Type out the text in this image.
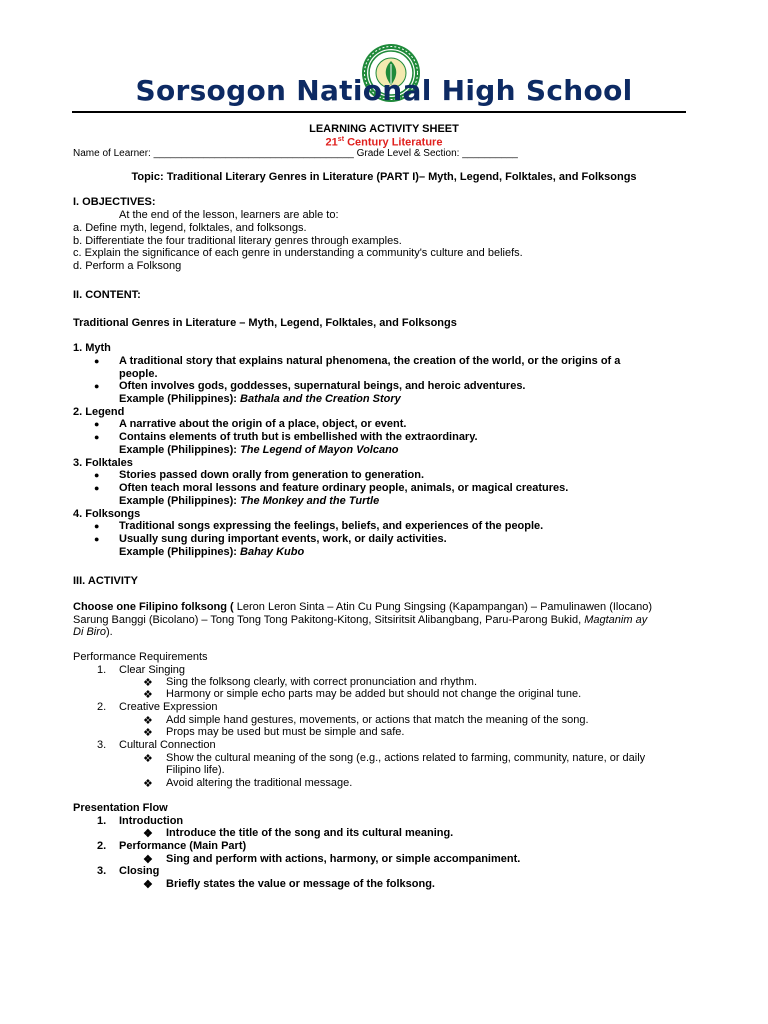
Sorsogon National High School
LEARNING ACTIVITY SHEET
21st Century Literature
Name of Learner: ____________________________________ Grade Level & Section: __________
Topic: Traditional Literary Genres in Literature (PART I)– Myth, Legend, Folktales, and Folksongs
I. OBJECTIVES:
At the end of the lesson, learners are able to:
a. Define myth, legend, folktales, and folksongs.
b. Differentiate the four traditional literary genres through examples.
c. Explain the significance of each genre in understanding a community's culture and beliefs.
d. Perform a Folksong
II. CONTENT:
Traditional Genres in Literature – Myth, Legend, Folktales, and Folksongs
1. Myth
● A traditional story that explains natural phenomena, the creation of the world, or the origins of a
people.
● Often involves gods, goddesses, supernatural beings, and heroic adventures.
Example (Philippines): Bathala and the Creation Story
2. Legend
● A narrative about the origin of a place, object, or event.
● Contains elements of truth but is embellished with the extraordinary.
Example (Philippines): The Legend of Mayon Volcano
3. Folktales
● Stories passed down orally from generation to generation.
● Often teach moral lessons and feature ordinary people, animals, or magical creatures.
Example (Philippines): The Monkey and the Turtle
4. Folksongs
● Traditional songs expressing the feelings, beliefs, and experiences of the people.
● Usually sung during important events, work, or daily activities.
Example (Philippines): Bahay Kubo
III. ACTIVITY
Choose one Filipino folksong ( Leron Leron Sinta – Atin Cu Pung Singsing (Kapampangan) – Pamulinawen (Ilocano)
Sarung Banggi (Bicolano) – Tong Tong Tong Pakitong-Kitong, Sitsiritsit Alibangbang, Paru-Parong Bukid, Magtanim ay
Di Biro).
Performance Requirements
1. Clear Singing
❖ Sing the folksong clearly, with correct pronunciation and rhythm.
❖ Harmony or simple echo parts may be added but should not change the original tune.
2. Creative Expression
❖ Add simple hand gestures, movements, or actions that match the meaning of the song.
❖ Props may be used but must be simple and safe.
3. Cultural Connection
❖ Show the cultural meaning of the song (e.g., actions related to farming, community, nature, or daily
Filipino life).
❖ Avoid altering the traditional message.
Presentation Flow
1. Introduction
❖ Introduce the title of the song and its cultural meaning.
2. Performance (Main Part)
❖ Sing and perform with actions, harmony, or simple accompaniment.
3. Closing
❖ Briefly states the value or message of the folksong.
